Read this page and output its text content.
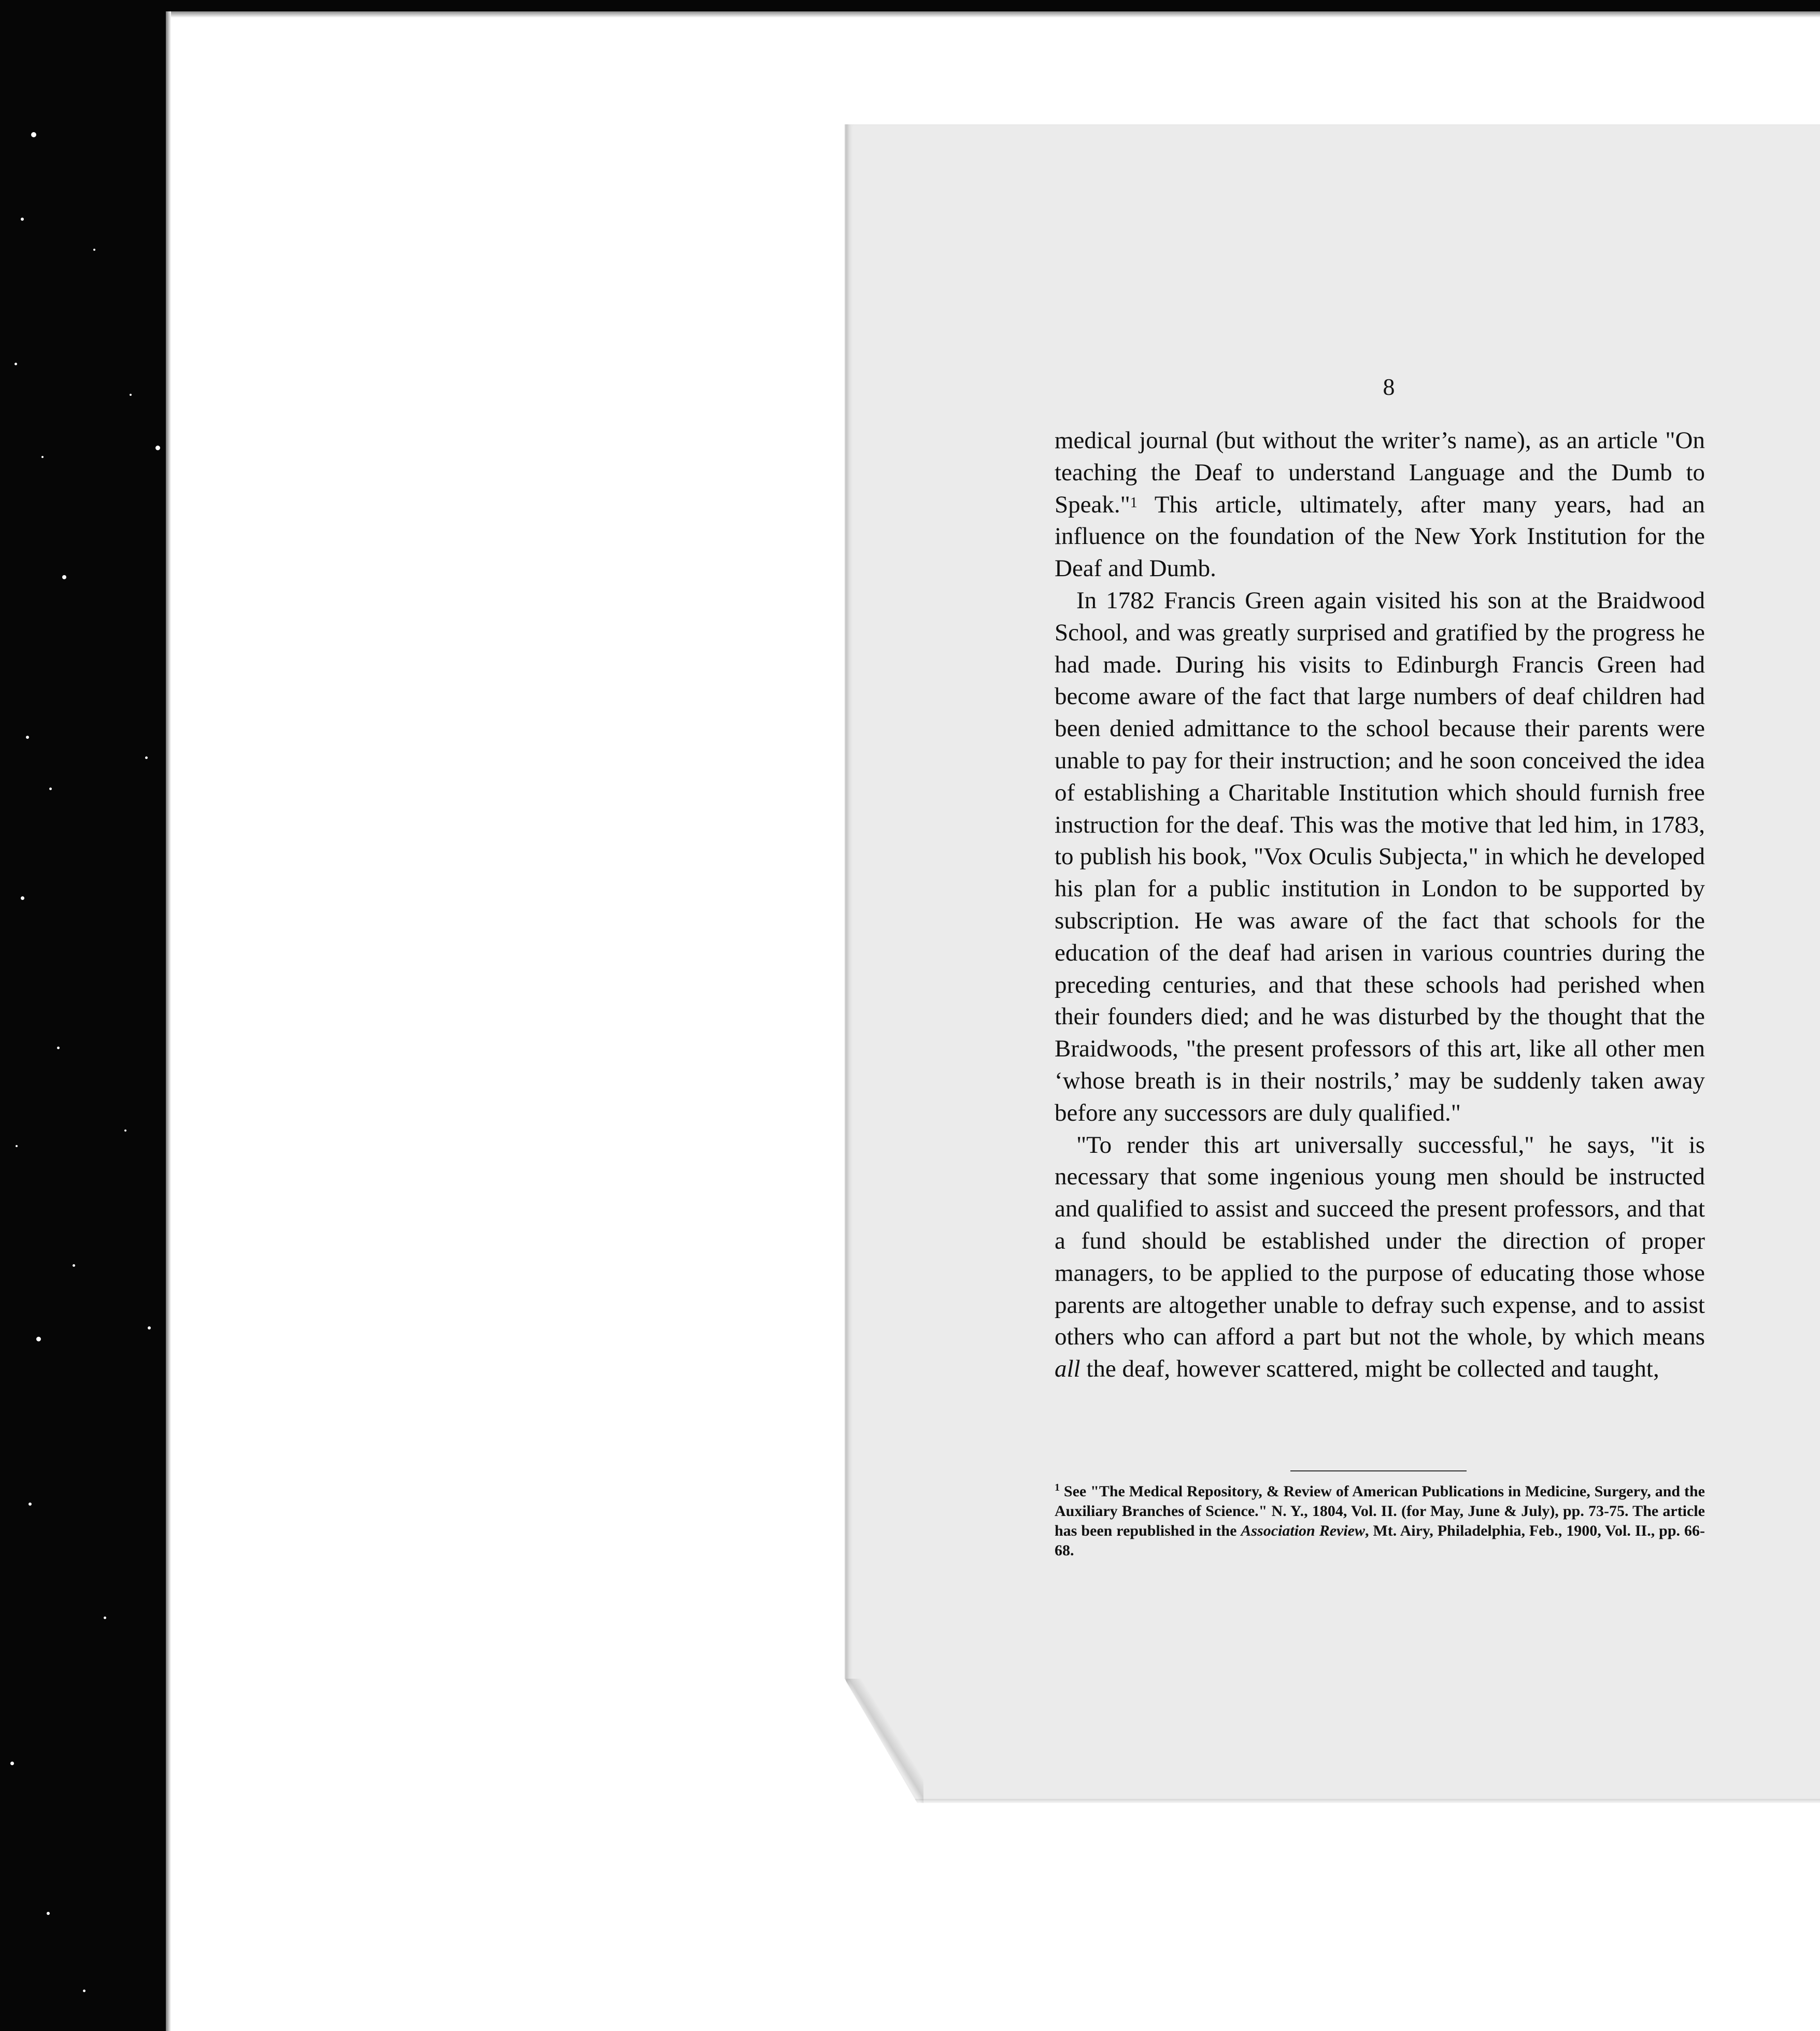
8

medical journal (but without the writer’s name), as an article "On teaching the Deaf to understand Language and the Dumb to Speak."$^1$ This article, ultimately, after many years, had an influence on the foundation of the New York Institution for the Deaf and Dumb.

In 1782 Francis Green again visited his son at the Braidwood School, and was greatly surprised and gratified by the progress he had made. During his visits to Edinburgh Francis Green had become aware of the fact that large numbers of deaf children had been denied admittance to the school because their parents were unable to pay for their instruction; and he soon conceived the idea of establishing a Charitable Institution which should furnish free instruction for the deaf. This was the motive that led him, in 1783, to publish his book, "Vox Oculis Subjecta," in which he developed his plan for a public institution in London to be supported by subscription. He was aware of the fact that schools for the education of the deaf had arisen in various countries during the preceding centuries, and that these schools had perished when their founders died; and he was disturbed by the thought that the Braidwoods, "the present professors of this art, like all other men ‘whose breath is in their nostrils,’ may be suddenly taken away before any successors are duly qualified."

"To render this art universally successful," he says, "it is necessary that some ingenious young men should be instructed and qualified to assist and succeed the present professors, and that a fund should be established under the direction of proper managers, to be applied to the purpose of educating those whose parents are altogether unable to defray such expense, and to assist others who can afford a part but not the whole, by which means all the deaf, however scattered, might be collected and taught,

$^1$ See "The Medical Repository, & Review of American Publications in Medicine, Surgery, and the Auxiliary Branches of Science." N. Y., 1804, Vol. II. (for May, June & July), pp. 73-75. The article has been republished in the Association Review, Mt. Airy, Philadelphia, Feb., 1900, Vol. II., pp. 66-68.
